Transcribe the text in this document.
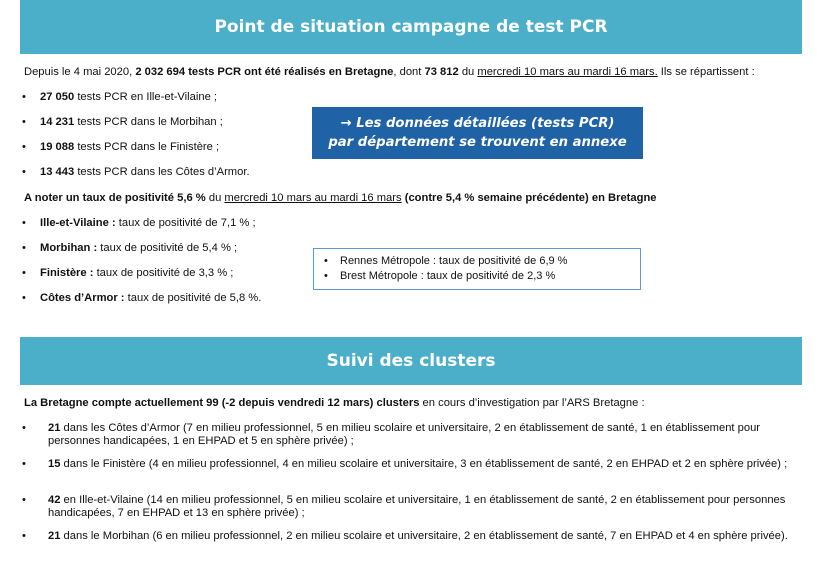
Point de situation campagne de test PCR
Depuis le 4 mai 2020, 2 032 694 tests PCR ont été réalisés en Bretagne, dont 73 812 du mercredi 10 mars au mardi 16 mars. Ils se répartissent :
• 27 050 tests PCR en Ille-et-Vilaine ;
• 14 231 tests PCR dans le Morbihan ;
• 19 088 tests PCR dans le Finistère ;
• 13 443 tests PCR dans les Côtes d’Armor.
→ Les données détaillées (tests PCR)
par département se trouvent en annexe
A noter un taux de positivité 5,6 % du mercredi 10 mars au mardi 16 mars (contre 5,4 % semaine précédente) en Bretagne
• Ille-et-Vilaine : taux de positivité de 7,1 % ;
• Morbihan : taux de positivité de 5,4 % ;
• Finistère : taux de positivité de 3,3 % ;
• Côtes d’Armor : taux de positivité de 5,8 %.
• Rennes Métropole : taux de positivité de 6,9 %
• Brest Métropole : taux de positivité de 2,3 %
Suivi des clusters
La Bretagne compte actuellement 99 (-2 depuis vendredi 12 mars) clusters en cours d’investigation par l’ARS Bretagne :
• 21 dans les Côtes d’Armor (7 en milieu professionnel, 5 en milieu scolaire et universitaire, 2 en établissement de santé, 1 en établissement pour personnes handicapées, 1 en EHPAD et 5 en sphère privée) ;
• 15 dans le Finistère (4 en milieu professionnel, 4 en milieu scolaire et universitaire, 3 en établissement de santé, 2 en EHPAD et 2 en sphère privée) ;
• 42 en Ille-et-Vilaine (14 en milieu professionnel, 5 en milieu scolaire et universitaire, 1 en établissement de santé, 2 en établissement pour personnes handicapées, 7 en EHPAD et 13 en sphère privée) ;
• 21 dans le Morbihan (6 en milieu professionnel, 2 en milieu scolaire et universitaire, 2 en établissement de santé, 7 en EHPAD et 4 en sphère privée).
